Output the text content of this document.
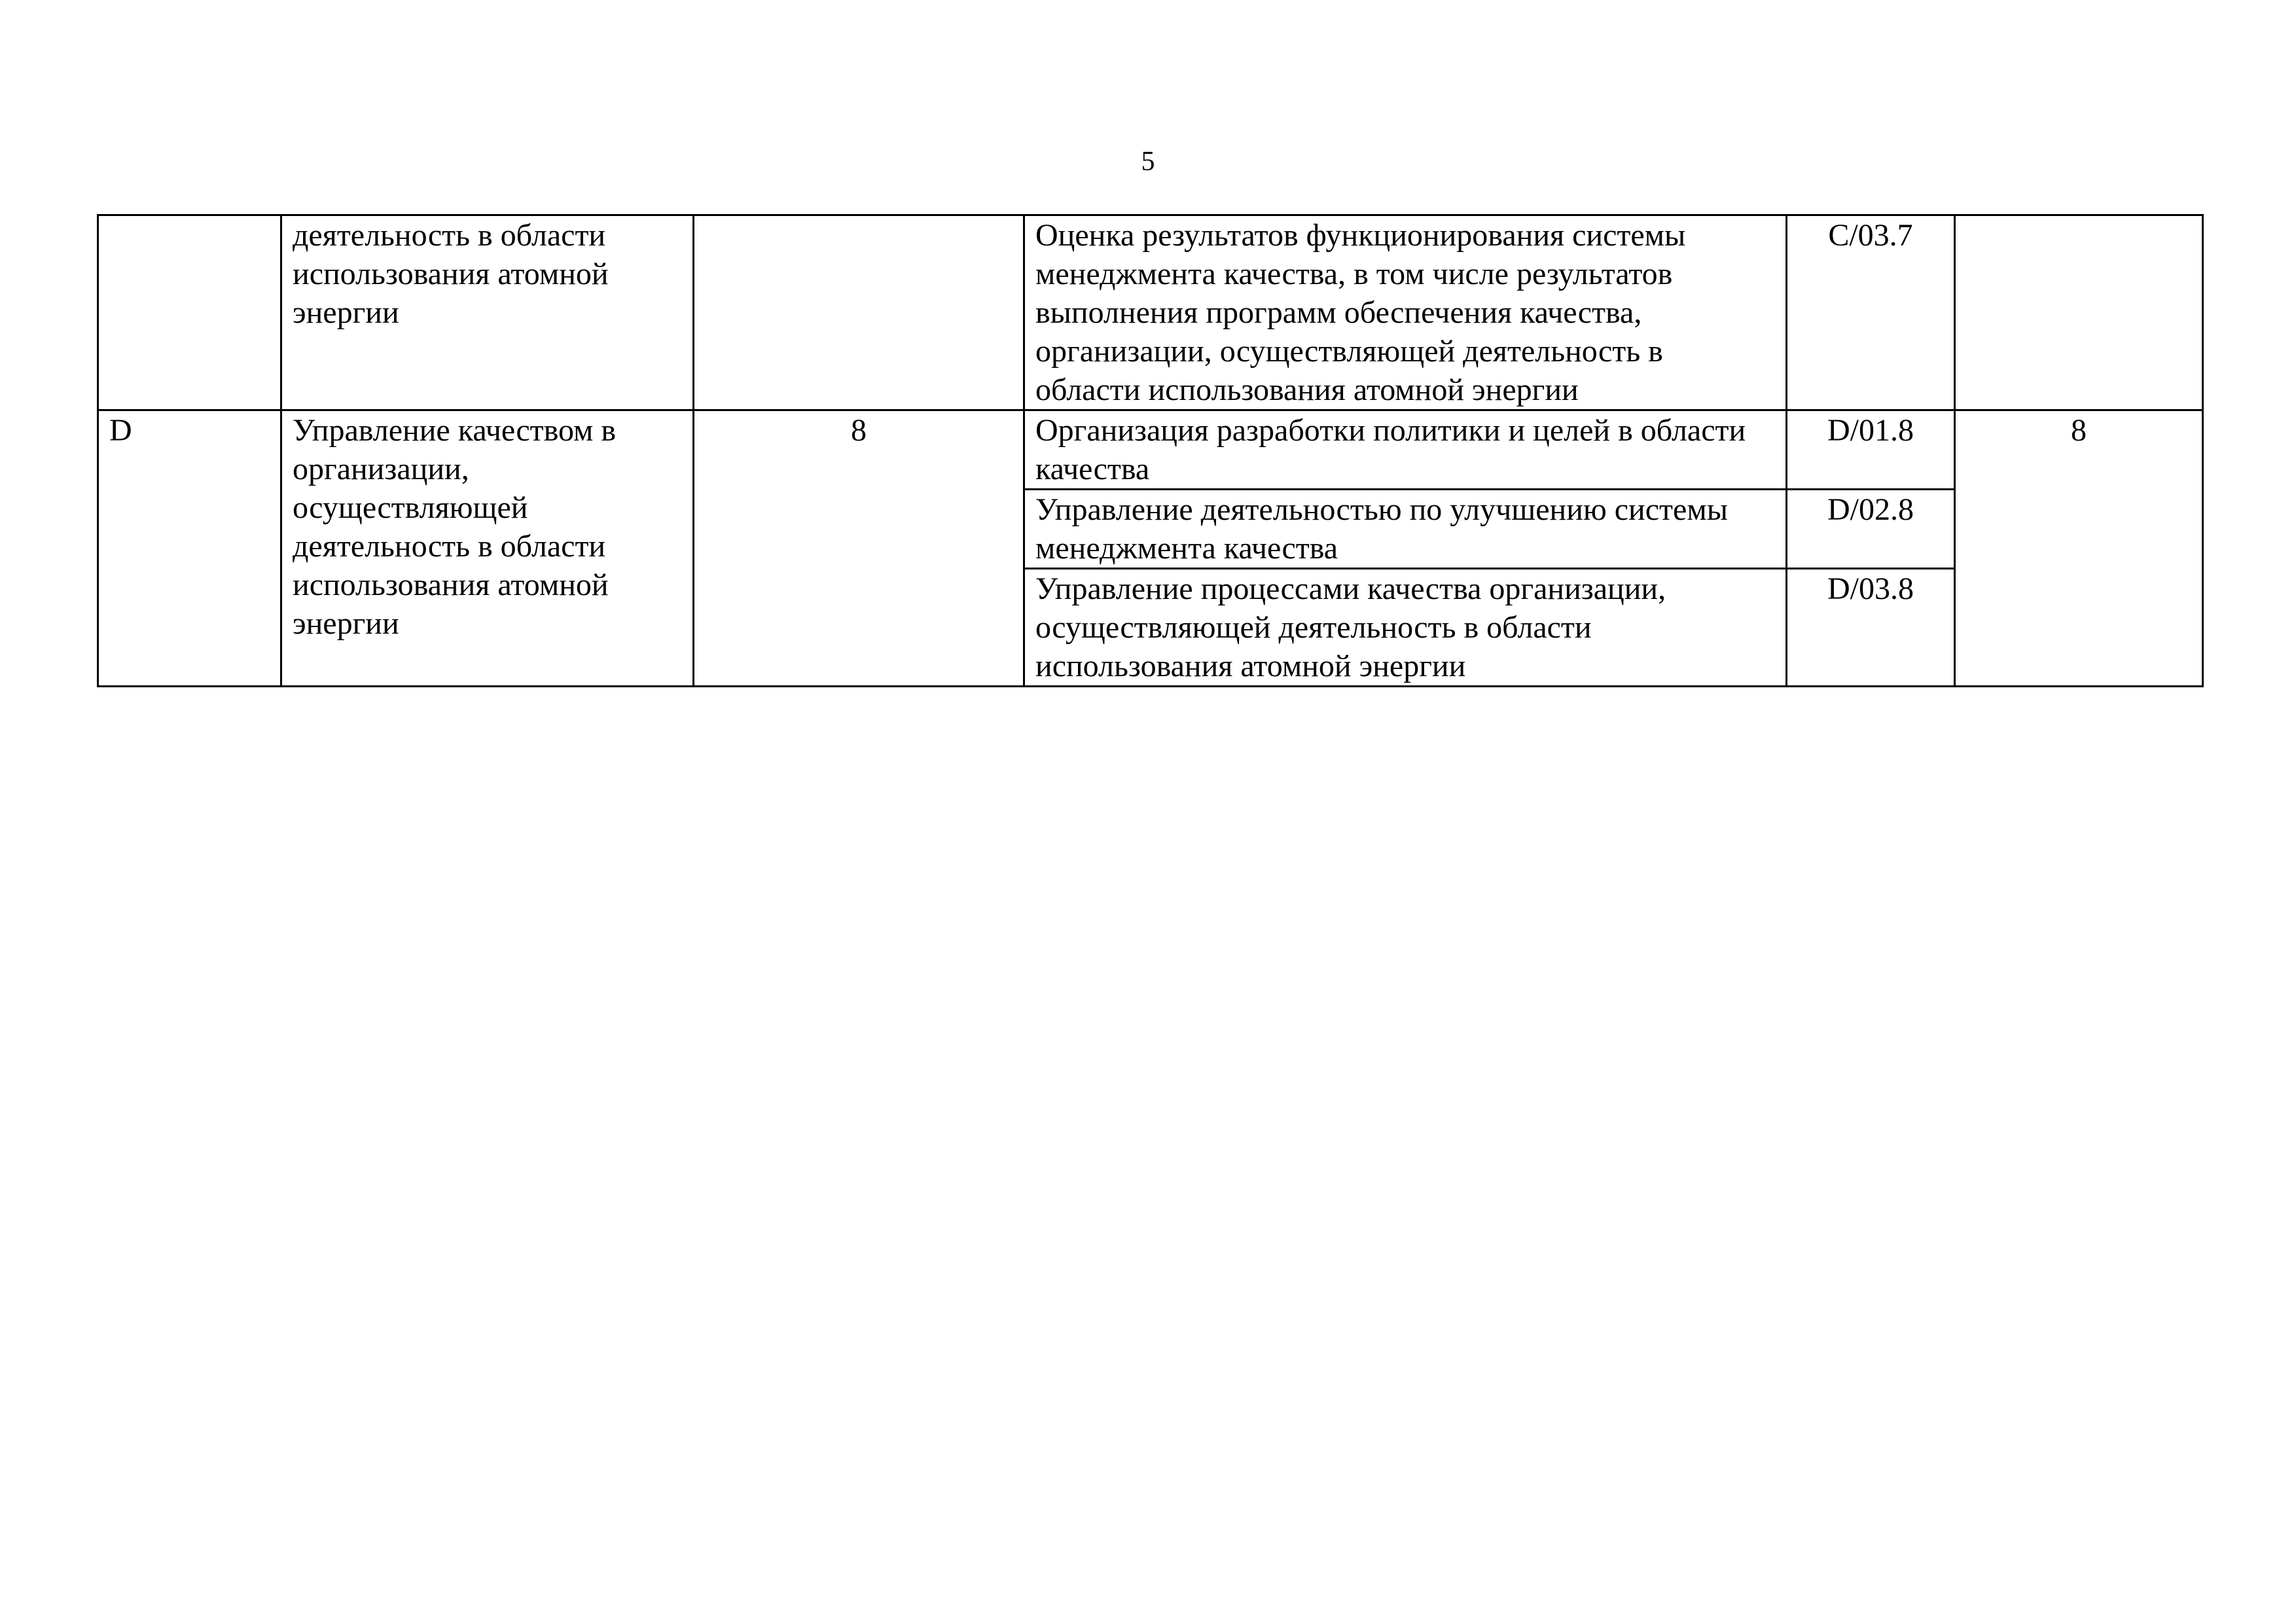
5
	деятельность в области использования атомной энергии		Оценка результатов функционирования системы менеджмента качества, в том числе результатов выполнения программ обеспечения качества, организации, осуществляющей деятельность в области использования атомной энергии	C/03.7	
D	Управление качеством в организации, осуществляющей деятельность в области использования атомной энергии	8	Организация разработки политики и целей в области качества	D/01.8	8
			Управление деятельностью по улучшению системы менеджмента качества	D/02.8	
			Управление процессами качества организации, осуществляющей деятельность в области использования атомной энергии	D/03.8	
